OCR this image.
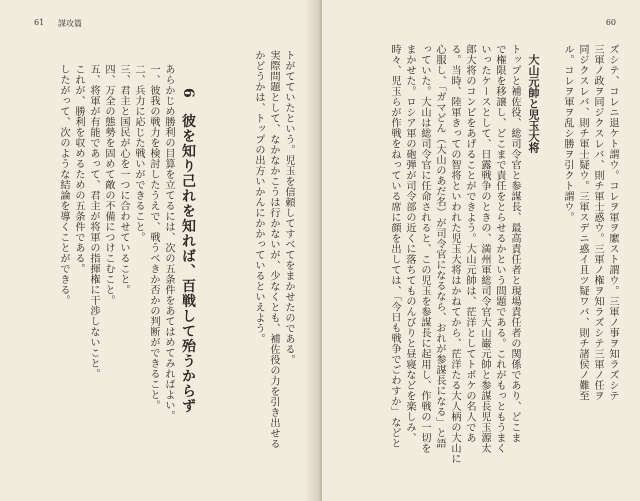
61 謀攻篇
トがてていたという。児玉を信頼してすべてをまかせたのである。
実際問題として、なかなかこうは行かないが、少なくとも、補佐役の力を引き出せる
かどうかは、トップの出方いかんにかかっているといえよう。
6　彼を知り己れを知れば、百戦して殆うからず
あらかじめ勝利の目算を立てるには、次の五条件をあてはめてみればよい。
一、彼我の戦力を検討したうえで、戦うべきか否かの判断ができること。
二、兵力に応じた戦いができること。
三、君主と国民が心を一つに合わせていること。
四、万全の態勢を固めて敵の不備につけこむこと。
五、将軍が有能であって、君主が将軍の指揮権に干渉しないこと。
これが、勝利を収めるための五条件である。
したがって、次のような結論を導くことができる。
60
ズシテ、コレニ退ケト謂ウ。コレヲ軍ヲ縻スト謂ウ。三軍ノ事ヲ知ラズシテ
三軍ノ政ヲ同ジクスレバ、則チ軍士惑ウ。三軍ノ権ヲ知ラズシテ三軍ノ任ヲ
同ジクスレバ、則チ軍士疑ウ。三軍スデニ惑イ且ツ疑ワバ、則チ諸侯ノ難至
ル。コレヲ軍ヲ乱シ勝ヲ引クト謂ウ。
大山元帥と児玉大将
トップと補佐役、総司令官と参謀長、最高責任者と現場責任者の関係であり、どこま
で権限を移譲し、どこまで責任をとらせるかという問題である。これがもっともうまく
いったケースとして、日露戦争のときの、満州軍総司令官大山巌元帥と参謀長児玉源太
郎大将のコンビをあげることができよう。大山元帥は、茫洋としてトボケの名人であ
る。当時、陸軍きっての智将といわれた児玉大将はかねてから、茫洋たる大人柄の大山に
心服し、「ガマどん（大山のあだ名）が司令官になるなら、おれが参謀長になる」と語
っていた。大山は総司令官に任命されると、この児玉を参謀長に起用し、作戦の一切を
まかせた。ロシア軍の砲弾が司令部の近くに落ちてものんびりと昼寝などを楽しみ、
時々、児玉らが作戦をねっている席に顔を出しては、「今日も戦争でごわすか」などと
